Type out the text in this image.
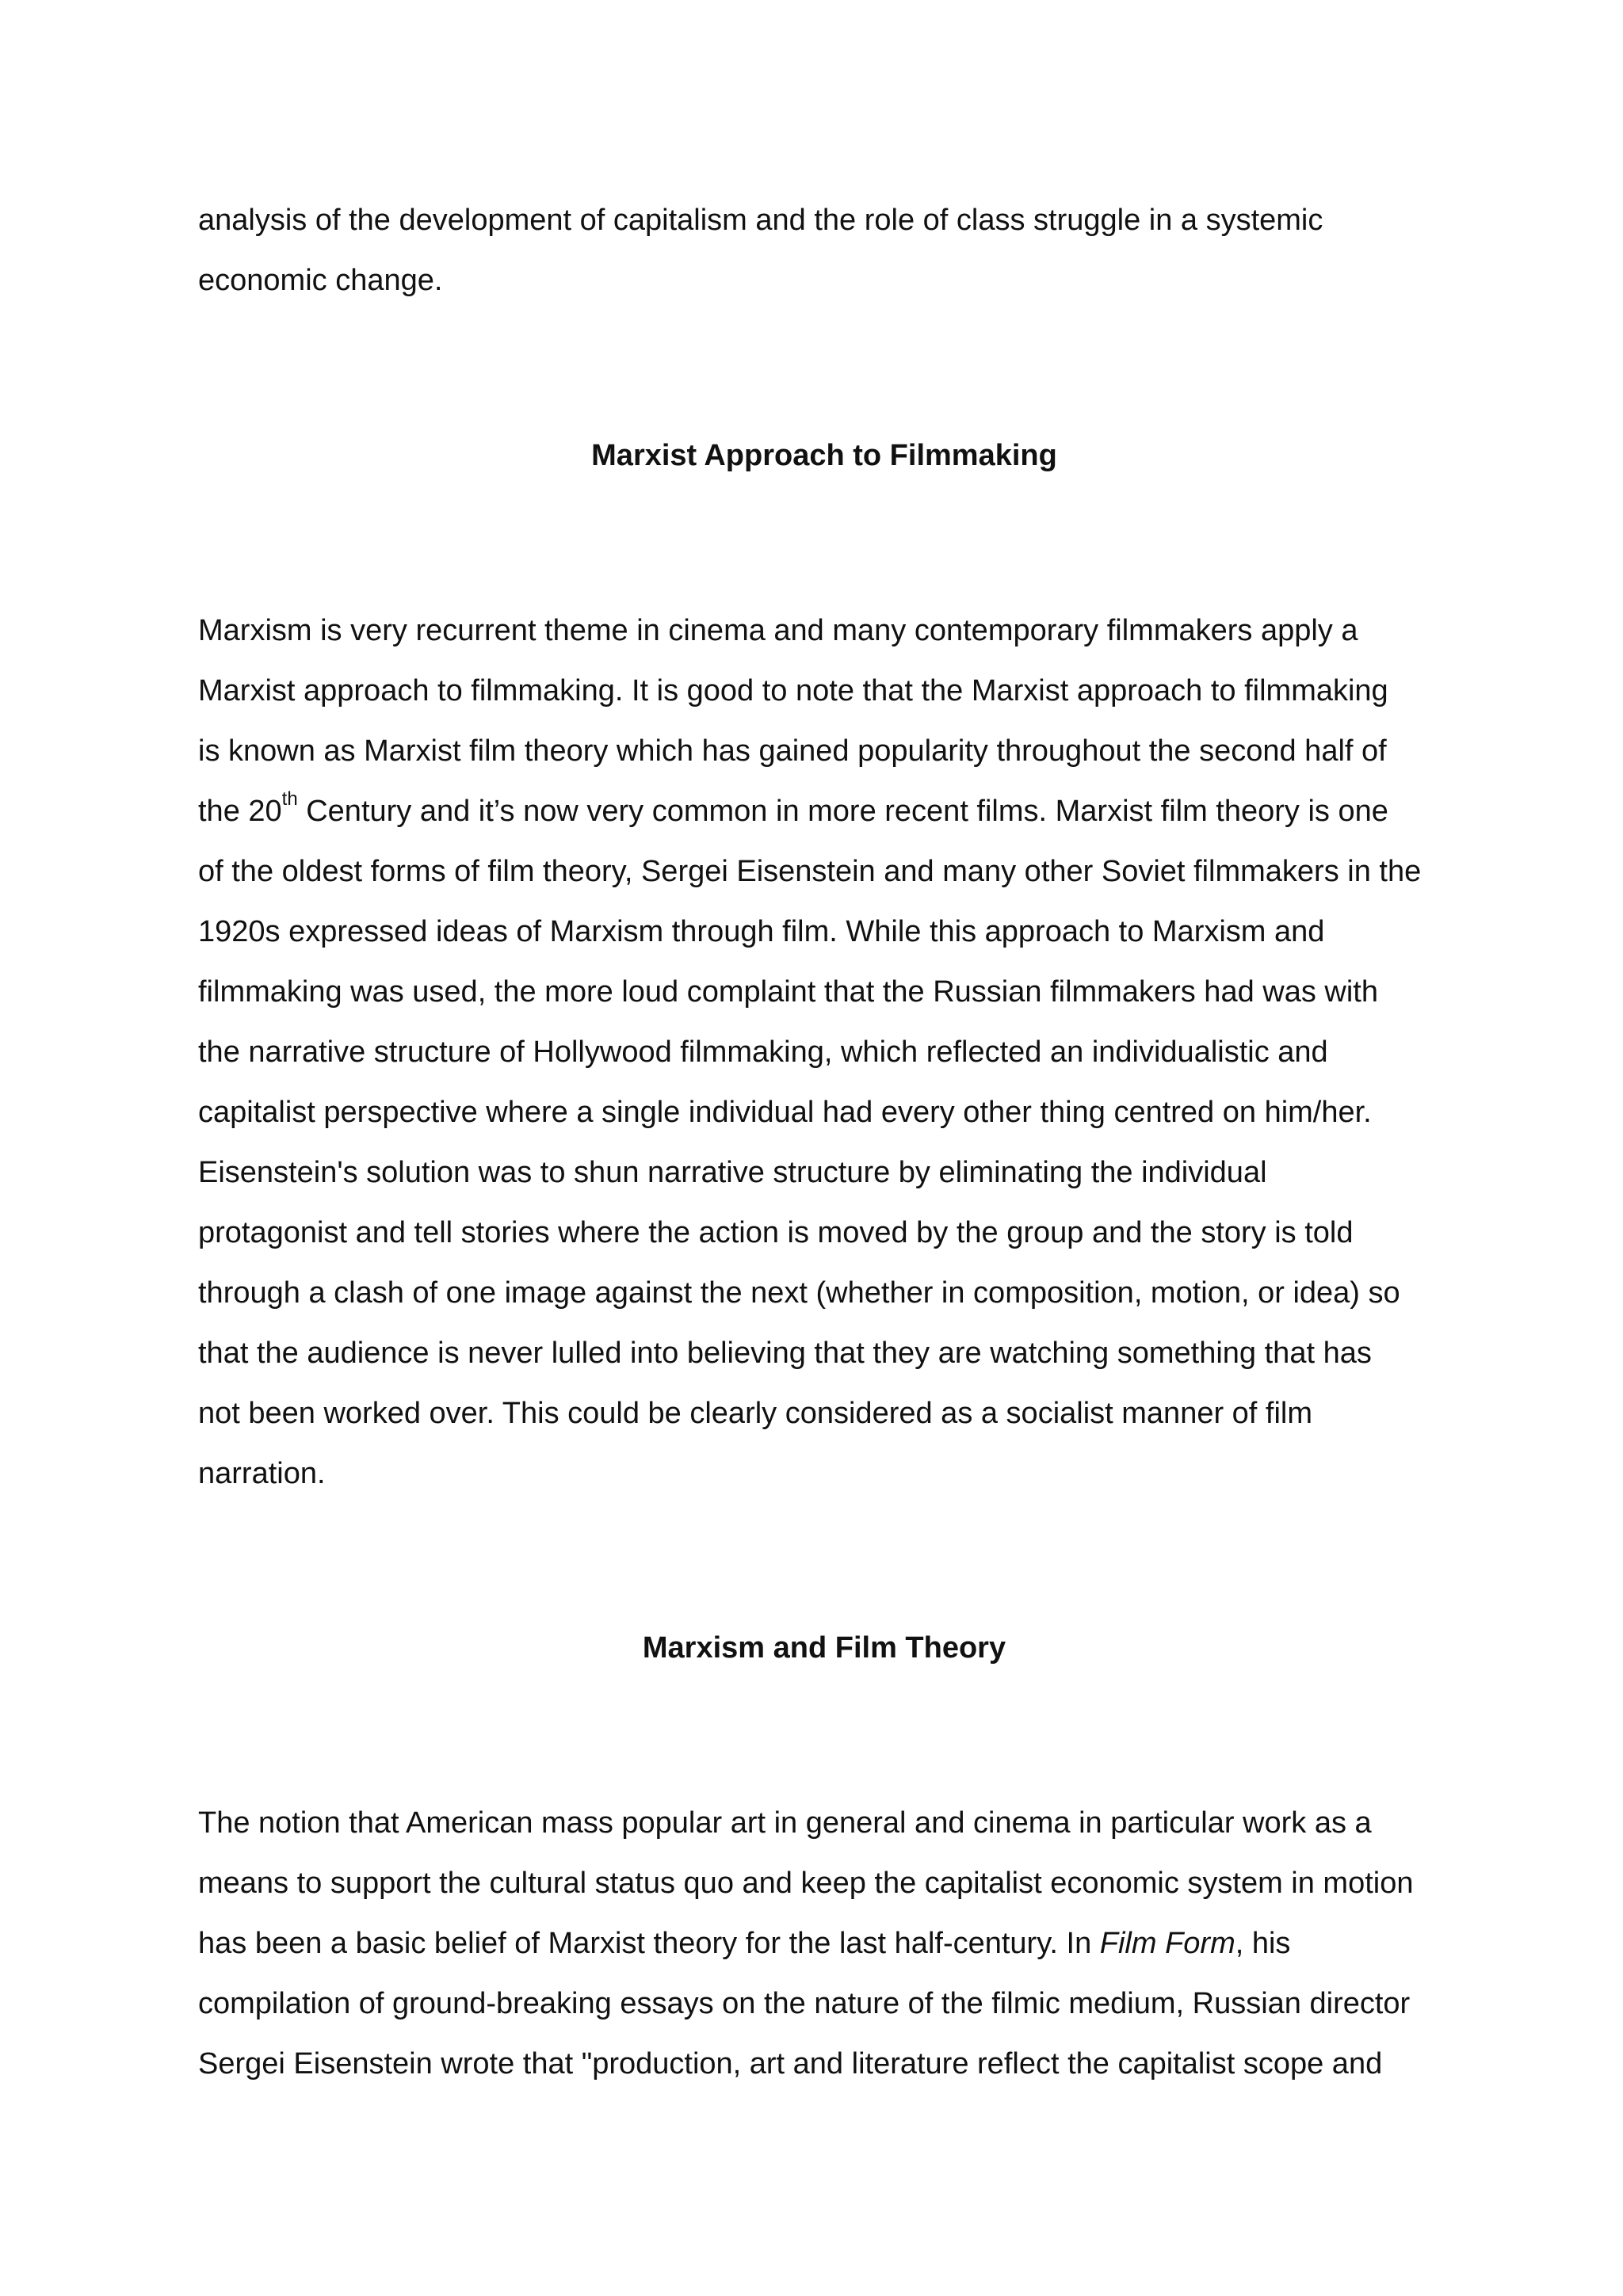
analysis of the development of capitalism and the role of class struggle in a systemic
economic change.

Marxist Approach to Filmmaking

Marxism is very recurrent theme in cinema and many contemporary filmmakers apply a
Marxist approach to filmmaking. It is good to note that the Marxist approach to filmmaking
is known as Marxist film theory which has gained popularity throughout the second half of
the 20th Century and it’s now very common in more recent films. Marxist film theory is one
of the oldest forms of film theory, Sergei Eisenstein and many other Soviet filmmakers in the
1920s expressed ideas of Marxism through film. While this approach to Marxism and
filmmaking was used, the more loud complaint that the Russian filmmakers had was with
the narrative structure of Hollywood filmmaking, which reflected an individualistic and
capitalist perspective where a single individual had every other thing centred on him/her.
Eisenstein's solution was to shun narrative structure by eliminating the individual
protagonist and tell stories where the action is moved by the group and the story is told
through a clash of one image against the next (whether in composition, motion, or idea) so
that the audience is never lulled into believing that they are watching something that has
not been worked over. This could be clearly considered as a socialist manner of film
narration.

Marxism and Film Theory

The notion that American mass popular art in general and cinema in particular work as a
means to support the cultural status quo and keep the capitalist economic system in motion
has been a basic belief of Marxist theory for the last half-century. In Film Form, his
compilation of ground-breaking essays on the nature of the filmic medium, Russian director
Sergei Eisenstein wrote that "production, art and literature reflect the capitalist scope and
